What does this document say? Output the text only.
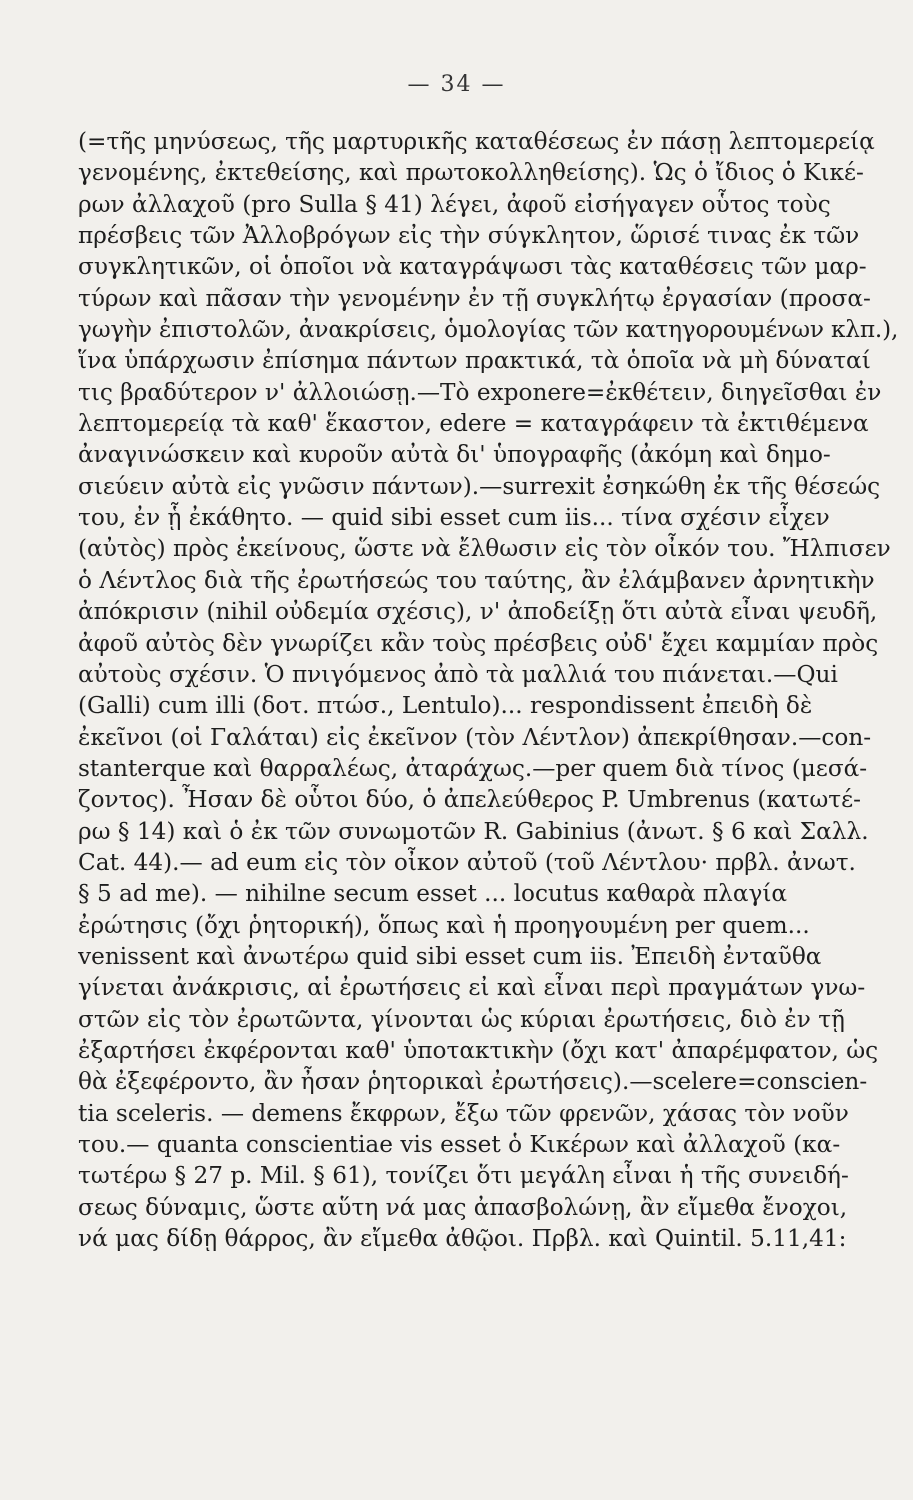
— 34 —
(=τῆς μηνύσεως, τῆς μαρτυρικῆς καταθέσεως ἐν πάσῃ λεπτομερείᾳ
γενομένης, ἐκτεθείσης, καὶ πρωτοκολληθείσης). Ὡς ὁ ἴδιος ὁ Κικέ-
ρων ἀλλαχοῦ (pro Sulla § 41) λέγει, ἀφοῦ εἰσήγαγεν οὗτος τοὺς
πρέσβεις τῶν Ἀλλοβρόγων εἰς τὴν σύγκλητον, ὥρισέ τινας ἐκ τῶν
συγκλητικῶν, οἱ ὁποῖοι νὰ καταγράψωσι τὰς καταθέσεις τῶν μαρ-
τύρων καὶ πᾶσαν τὴν γενομένην ἐν τῇ συγκλήτῳ ἐργασίαν (προσα-
γωγὴν ἐπιστολῶν, ἀνακρίσεις, ὁμολογίας τῶν κατηγορουμένων κλπ.),
ἵνα ὑπάρχωσιν ἐπίσημα πάντων πρακτικά, τὰ ὁποῖα νὰ μὴ δύναταί
τις βραδύτερον ν' ἀλλοιώσῃ.—Τὸ exponere=ἐκθέτειν, διηγεῖσθαι ἐν
λεπτομερείᾳ τὰ καθ' ἕκαστον, edere = καταγράφειν τὰ ἐκτιθέμενα
ἀναγινώσκειν καὶ κυροῦν αὐτὰ δι' ὑπογραφῆς (ἀκόμη καὶ δημο-
σιεύειν αὐτὰ εἰς γνῶσιν πάντων).—surrexit ἐσηκώθη ἐκ τῆς θέσεώς
του, ἐν ᾗ ἐκάθητο. — quid sibi esset cum iis... τίνα σχέσιν εἶχεν
(αὐτὸς) πρὸς ἐκείνους, ὥστε νὰ ἔλθωσιν εἰς τὸν οἶκόν του. Ἤλπισεν
ὁ Λέντλος διὰ τῆς ἐρωτήσεώς του ταύτης, ἂν ἐλάμβανεν ἀρνητικὴν
ἀπόκρισιν (nihil οὐδεμία σχέσις), ν' ἀποδείξῃ ὅτι αὐτὰ εἶναι ψευδῆ,
ἀφοῦ αὐτὸς δὲν γνωρίζει κἂν τοὺς πρέσβεις οὐδ' ἔχει καμμίαν πρὸς
αὐτοὺς σχέσιν. Ὁ πνιγόμενος ἀπὸ τὰ μαλλιά του πιάνεται.—Qui
(Galli) cum illi (δοτ. πτώσ., Lentulo)... respondissent ἐπειδὴ δὲ
ἐκεῖνοι (οἱ Γαλάται) εἰς ἐκεῖνον (τὸν Λέντλον) ἀπεκρίθησαν.—con-
stanterque καὶ θαρραλέως, ἀταράχως.—per quem διὰ τίνος (μεσά-
ζοντος). Ἦσαν δὲ οὗτοι δύο, ὁ ἀπελεύθερος P. Umbrenus (κατωτέ-
ρω § 14) καὶ ὁ ἐκ τῶν συνωμοτῶν R. Gabinius (ἀνωτ. § 6 καὶ Σαλλ.
Cat. 44).— ad eum εἰς τὸν οἶκον αὐτοῦ (τοῦ Λέντλου· πρβλ. ἀνωτ.
§ 5 ad me). — nihilne secum esset ... locutus καθαρὰ πλαγία
ἐρώτησις (ὄχι ῥητορική), ὅπως καὶ ἡ προηγουμένη per quem...
venissent καὶ ἀνωτέρω quid sibi esset cum iis. Ἐπειδὴ ἐνταῦθα
γίνεται ἀνάκρισις, αἱ ἐρωτήσεις εἰ καὶ εἶναι περὶ πραγμάτων γνω-
στῶν εἰς τὸν ἐρωτῶντα, γίνονται ὡς κύριαι ἐρωτήσεις, διὸ ἐν τῇ
ἐξαρτήσει ἐκφέρονται καθ' ὑποτακτικὴν (ὄχι κατ' ἀπαρέμφατον, ὡς
θὰ ἐξεφέροντο, ἂν ἦσαν ῥητορικαὶ ἐρωτήσεις).—scelere=conscien-
tia sceleris. — demens ἔκφρων, ἔξω τῶν φρενῶν, χάσας τὸν νοῦν
του.— quanta conscientiae vis esset ὁ Κικέρων καὶ ἀλλαχοῦ (κα-
τωτέρω § 27 p. Mil. § 61), τονίζει ὅτι μεγάλη εἶναι ἡ τῆς συνειδή-
σεως δύναμις, ὥστε αὕτη νά μας ἀπασβολώνῃ, ἂν εἴμεθα ἔνοχοι,
νά μας δίδῃ θάρρος, ἂν εἴμεθα ἀθῷοι. Πρβλ. καὶ Quintil. 5.11,41:
